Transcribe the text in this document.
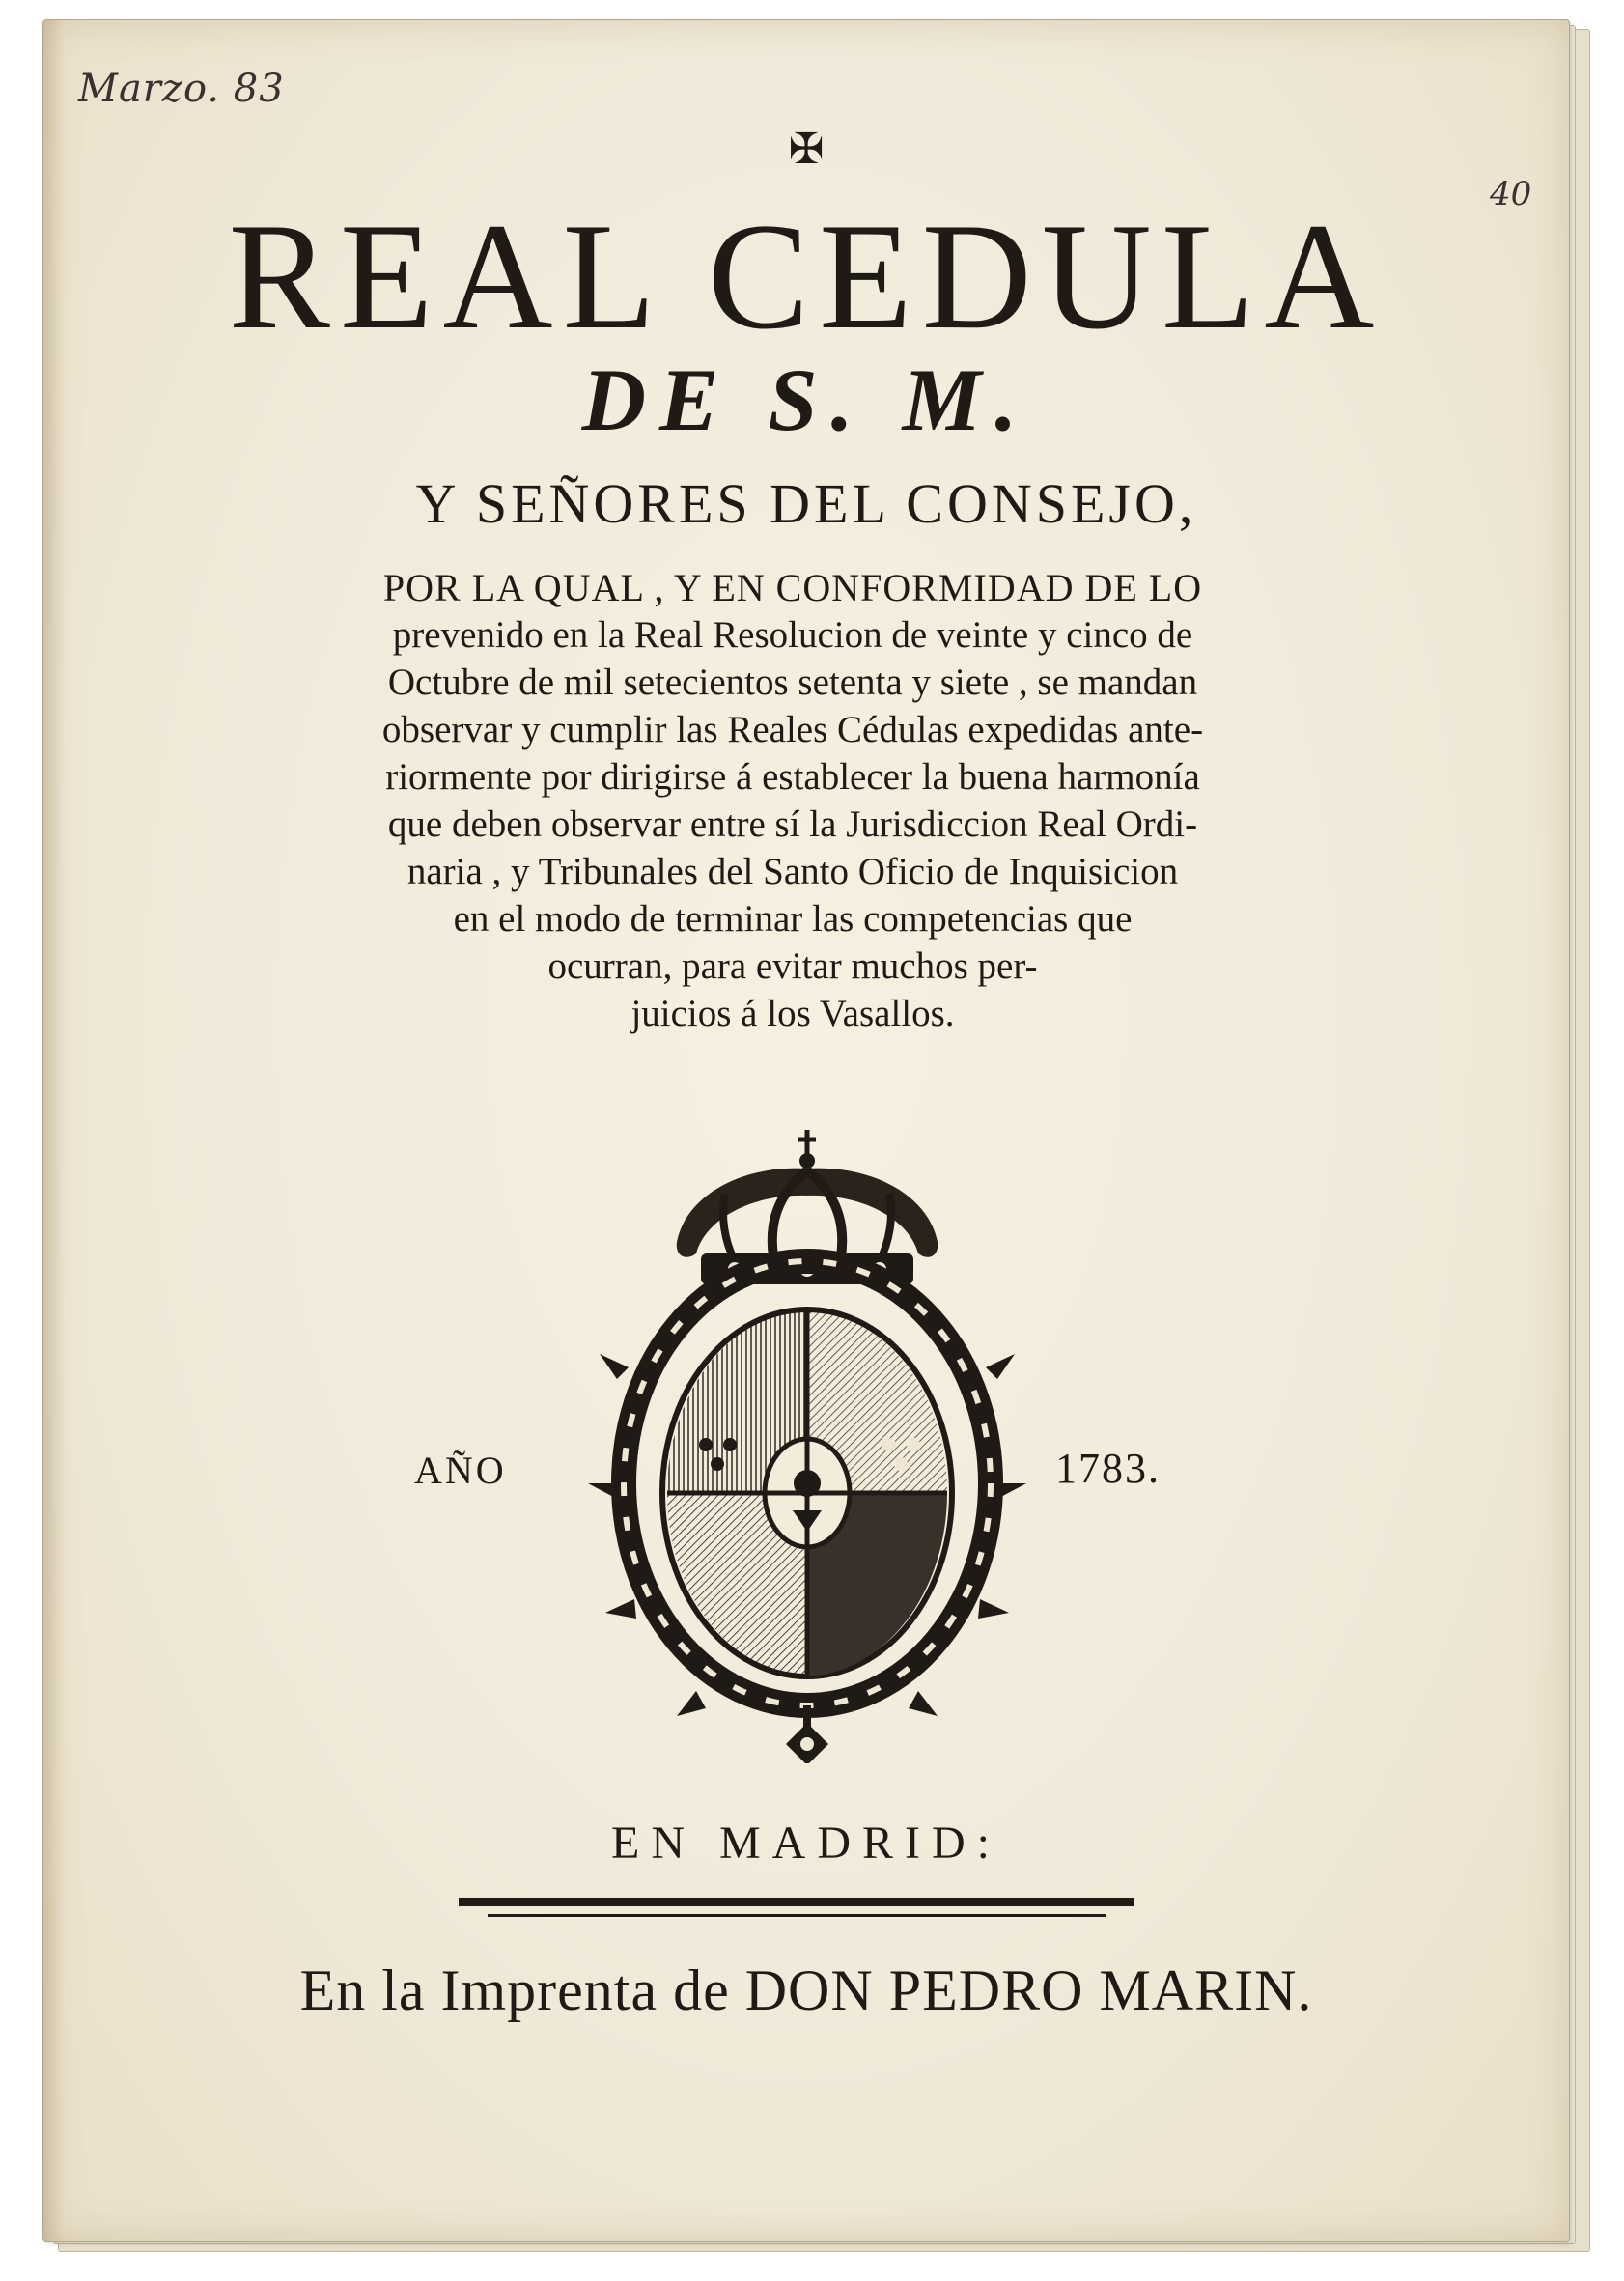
Marzo. 83
40
✠
REAL CEDULA
DE S. M.
Y SEÑORES DEL CONSEJO,
POR LA QUAL , Y EN CONFORMIDAD DE LO
prevenido en la Real Resolucion de veinte y cinco de
Octubre de mil setecientos setenta y siete , se mandan
observar y cumplir las Reales Cédulas expedidas ante-
riormente por dirigirse á establecer la buena harmonía
que deben observar entre sí la Jurisdiccion Real Ordi-
naria , y Tribunales del Santo Oficio de Inquisicion
en el modo de terminar las competencias que
ocurran, para evitar muchos per-
juicios á los Vasallos.
AÑO	1783.
EN MADRID:
En la Imprenta de DON PEDRO MARIN.
